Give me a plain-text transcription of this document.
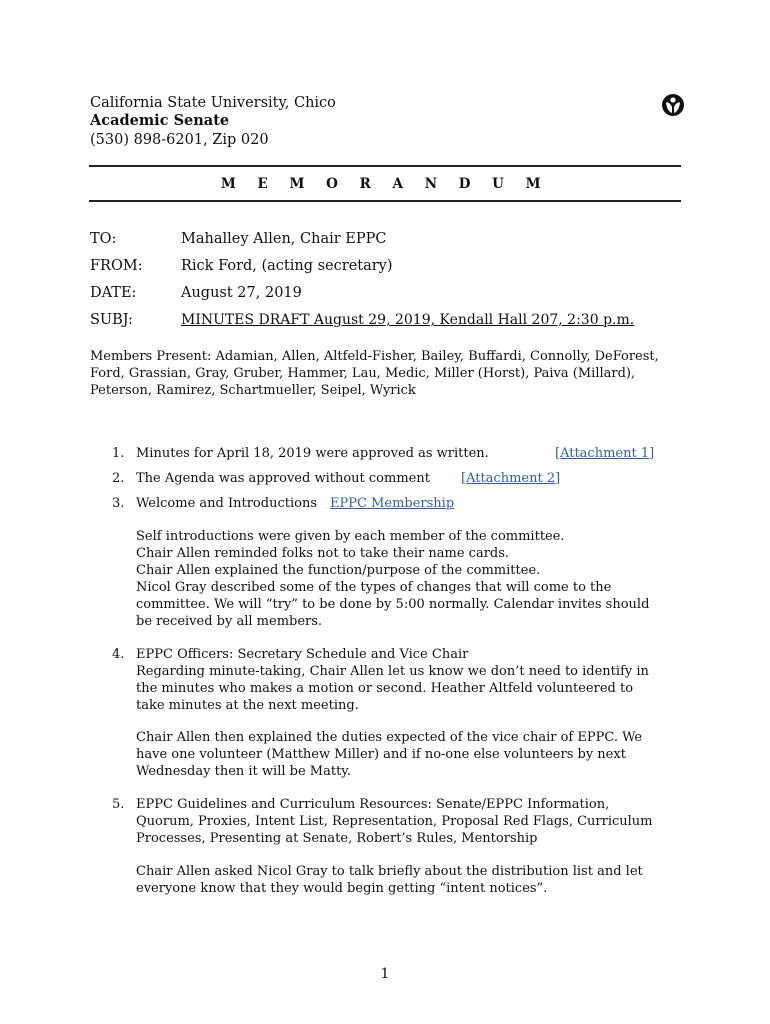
California State University, Chico
Academic Senate
(530) 898-6201, Zip 020
M E M O R A N D U M
TO:	Mahalley Allen, Chair EPPC
FROM:	Rick Ford, (acting secretary)
DATE:	August 27, 2019
SUBJ:	MINUTES DRAFT August 29, 2019, Kendall Hall 207, 2:30 p.m.
Members Present: Adamian, Allen, Altfeld-Fisher, Bailey, Buffardi, Connolly, DeForest,
Ford, Grassian, Gray, Gruber, Hammer, Lau, Medic, Miller (Horst), Paiva (Millard),
Peterson, Ramirez, Schartmueller, Seipel, Wyrick
1. Minutes for April 18, 2019 were approved as written.	[Attachment 1]
2. The Agenda was approved without comment [Attachment 2]
3. Welcome and Introductions EPPC Membership
Self introductions were given by each member of the committee.
Chair Allen reminded folks not to take their name cards.
Chair Allen explained the function/purpose of the committee.
Nicol Gray described some of the types of changes that will come to the
committee. We will “try” to be done by 5:00 normally. Calendar invites should
be received by all members.
4. EPPC Officers: Secretary Schedule and Vice Chair
Regarding minute-taking, Chair Allen let us know we don’t need to identify in
the minutes who makes a motion or second. Heather Altfeld volunteered to
take minutes at the next meeting.
Chair Allen then explained the duties expected of the vice chair of EPPC. We
have one volunteer (Matthew Miller) and if no-one else volunteers by next
Wednesday then it will be Matty.
5. EPPC Guidelines and Curriculum Resources: Senate/EPPC Information,
Quorum, Proxies, Intent List, Representation, Proposal Red Flags, Curriculum
Processes, Presenting at Senate, Robert’s Rules, Mentorship
Chair Allen asked Nicol Gray to talk briefly about the distribution list and let
everyone know that they would begin getting “intent notices”.
1
